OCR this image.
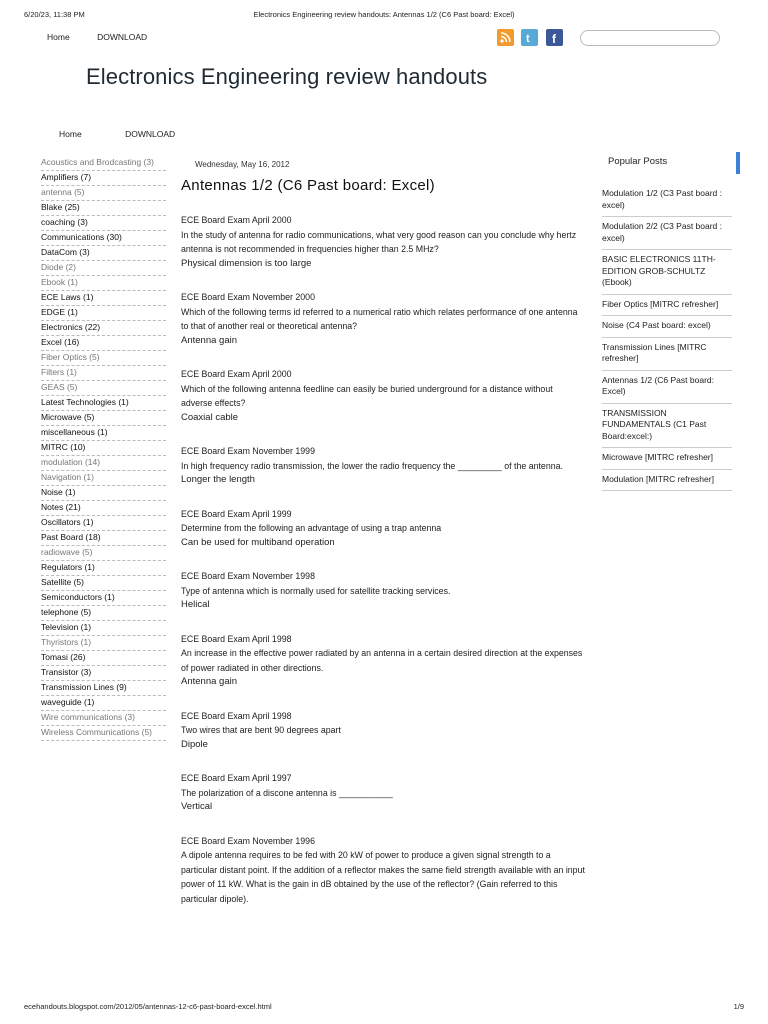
6/20/23, 11:38 PM	Electronics Engineering review handouts: Antennas 1/2 (C6 Past board: Excel)
Home	DOWNLOAD
	t
f
Electronics Engineering review handouts
Home	DOWNLOAD
Acoustics and Brodcasting (3)
Amplifiers (7)
antenna (5)
Blake (25)
coaching (3)
Communications (30)
DataCom (3)
Diode (2)
Ebook (1)
ECE Laws (1)
EDGE (1)
Electronics (22)
Excel (16)
Fiber Optics (5)
Filters (1)
GEAS (5)
Latest Technologies (1)
Microwave (5)
miscellaneous (1)
MITRC (10)
modulation (14)
Navigation (1)
Noise (1)
Notes (21)
Oscillators (1)
Past Board (18)
radiowave (5)
Regulators (1)
Satellite (5)
Semiconductors (1)
telephone (5)
Television (1)
Thyristors (1)
Tomasi (26)
Transistor (3)
Transmission Lines (9)
waveguide (1)
Wire communications (3)
Wireless Communications (5)
Wednesday, May 16, 2012
Antennas 1/2 (C6 Past board: Excel)
ECE Board Exam April 2000
In the study of antenna for radio communications, what very good reason can you conclude why hertz antenna is not recommended in frequencies higher than 2.5 MHz?
Physical dimension is too large
ECE Board Exam November 2000
Which of the following terms id referred to a numerical ratio which relates performance of one antenna to that of another real or theoretical antenna?
Antenna gain
ECE Board Exam April 2000
Which of the following antenna feedline can easily be buried underground for a distance without adverse effects?
Coaxial cable
ECE Board Exam November 1999
In high frequency radio transmission, the lower the radio frequency the _________ of the antenna.
Longer the length
ECE Board Exam April 1999
Determine from the following an advantage of using a trap antenna
Can be used for multiband operation
ECE Board Exam November 1998
Type of antenna which is normally used for satellite tracking services.
Helical
ECE Board Exam April 1998
An increase in the effective power radiated by an antenna in a certain desired direction at the expenses of power radiated in other directions.
Antenna gain
ECE Board Exam April 1998
Two wires that are bent 90 degrees apart
Dipole
ECE Board Exam April 1997
The polarization of a discone antenna is ___________
Vertical
ECE Board Exam November 1996
A dipole antenna requires to be fed with 20 kW of power to produce a given signal strength to a particular distant point. If the addition of a reflector makes the same field strength available with an input power of 11 kW. What is the gain in dB obtained by the use of the reflector? (Gain referred to this particular dipole).
Popular Posts
Modulation 1/2 (C3 Past board : excel)
Modulation 2/2 (C3 Past board : excel)
BASIC ELECTRONICS 11TH-EDITION GROB-SCHULTZ (Ebook)
Fiber Optics [MITRC refresher]
Noise (C4 Past board: excel)
Transmission Lines [MITRC refresher]
Antennas 1/2 (C6 Past board: Excel)
TRANSMISSION FUNDAMENTALS (C1 Past Board:excel:)
Microwave [MITRC refresher]
Modulation [MITRC refresher]
ecehandouts.blogspot.com/2012/05/antennas-12-c6-past-board-excel.html	1/9
